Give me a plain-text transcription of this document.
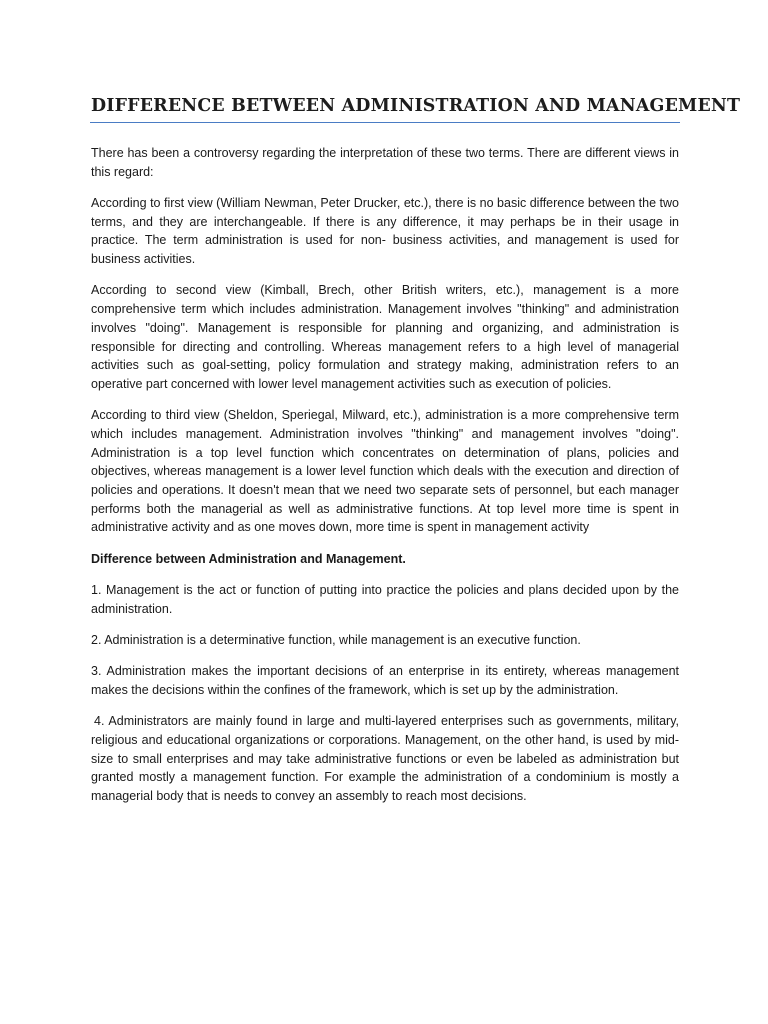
DIFFERENCE BETWEEN ADMINISTRATION AND MANAGEMENT

There has been a controversy regarding the interpretation of these two terms. There are different views in this regard:

According to first view (William Newman, Peter Drucker, etc.), there is no basic difference between the two terms, and they are interchangeable. If there is any difference, it may perhaps be in their usage in practice. The term administration is used for non- business activities, and management is used for business activities.

According to second view (Kimball, Brech, other British writers, etc.), management is a more comprehensive term which includes administration. Management involves "thinking" and administration involves "doing". Management is responsible for planning and organizing, and administration is responsible for directing and controlling. Whereas management refers to a high level of managerial activities such as goal-setting, policy formulation and strategy making, administration refers to an operative part concerned with lower level management activities such as execution of policies.

According to third view (Sheldon, Speriegal, Milward, etc.), administration is a more comprehensive term which includes management. Administration involves "thinking" and management involves "doing". Administration is a top level function which concentrates on determination of plans, policies and objectives, whereas management is a lower level function which deals with the execution and direction of policies and operations. It doesn't mean that we need two separate sets of personnel, but each manager performs both the managerial as well as administrative functions. At top level more time is spent in administrative activity and as one moves down, more time is spent in management activity

Difference between Administration and Management.

1. Management is the act or function of putting into practice the policies and plans decided upon by the administration.

2. Administration is a determinative function, while management is an executive function.

3. Administration makes the important decisions of an enterprise in its entirety, whereas management makes the decisions within the confines of the framework, which is set up by the administration.

4. Administrators are mainly found in large and multi-layered enterprises such as governments, military, religious and educational organizations or corporations. Management, on the other hand, is used by mid-size to small enterprises and may take administrative functions or even be labeled as administration but granted mostly a management function. For example the administration of a condominium is mostly a managerial body that is needs to convey an assembly to reach most decisions.
